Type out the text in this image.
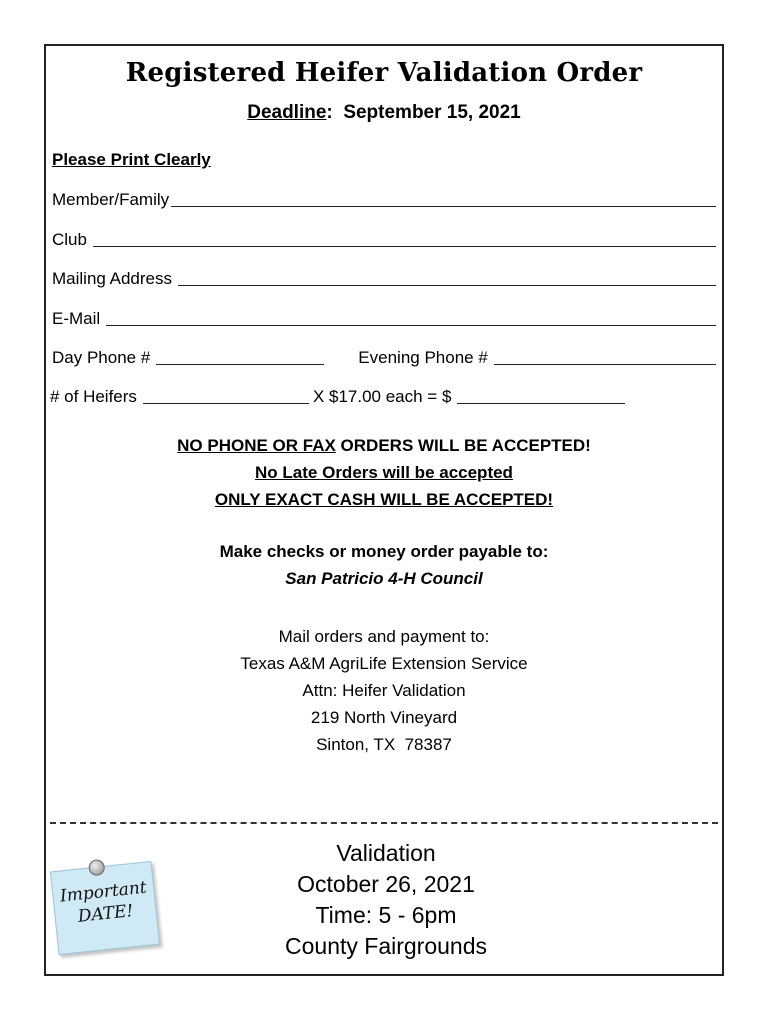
Registered Heifer Validation Order
Deadline: September 15, 2021
Please Print Clearly
Member/Family
Club
Mailing Address
E-Mail
Day Phone #	Evening Phone #
# of Heifers	X $17.00 each = $
NO PHONE OR FAX ORDERS WILL BE ACCEPTED!
No Late Orders will be accepted
ONLY EXACT CASH WILL BE ACCEPTED!
Make checks or money order payable to:
San Patricio 4-H Council
Mail orders and payment to:
Texas A&M AgriLife Extension Service
Attn: Heifer Validation
219 North Vineyard
Sinton, TX  78387
Important
DATE!
Validation
October 26, 2021
Time: 5 - 6pm
County Fairgrounds
